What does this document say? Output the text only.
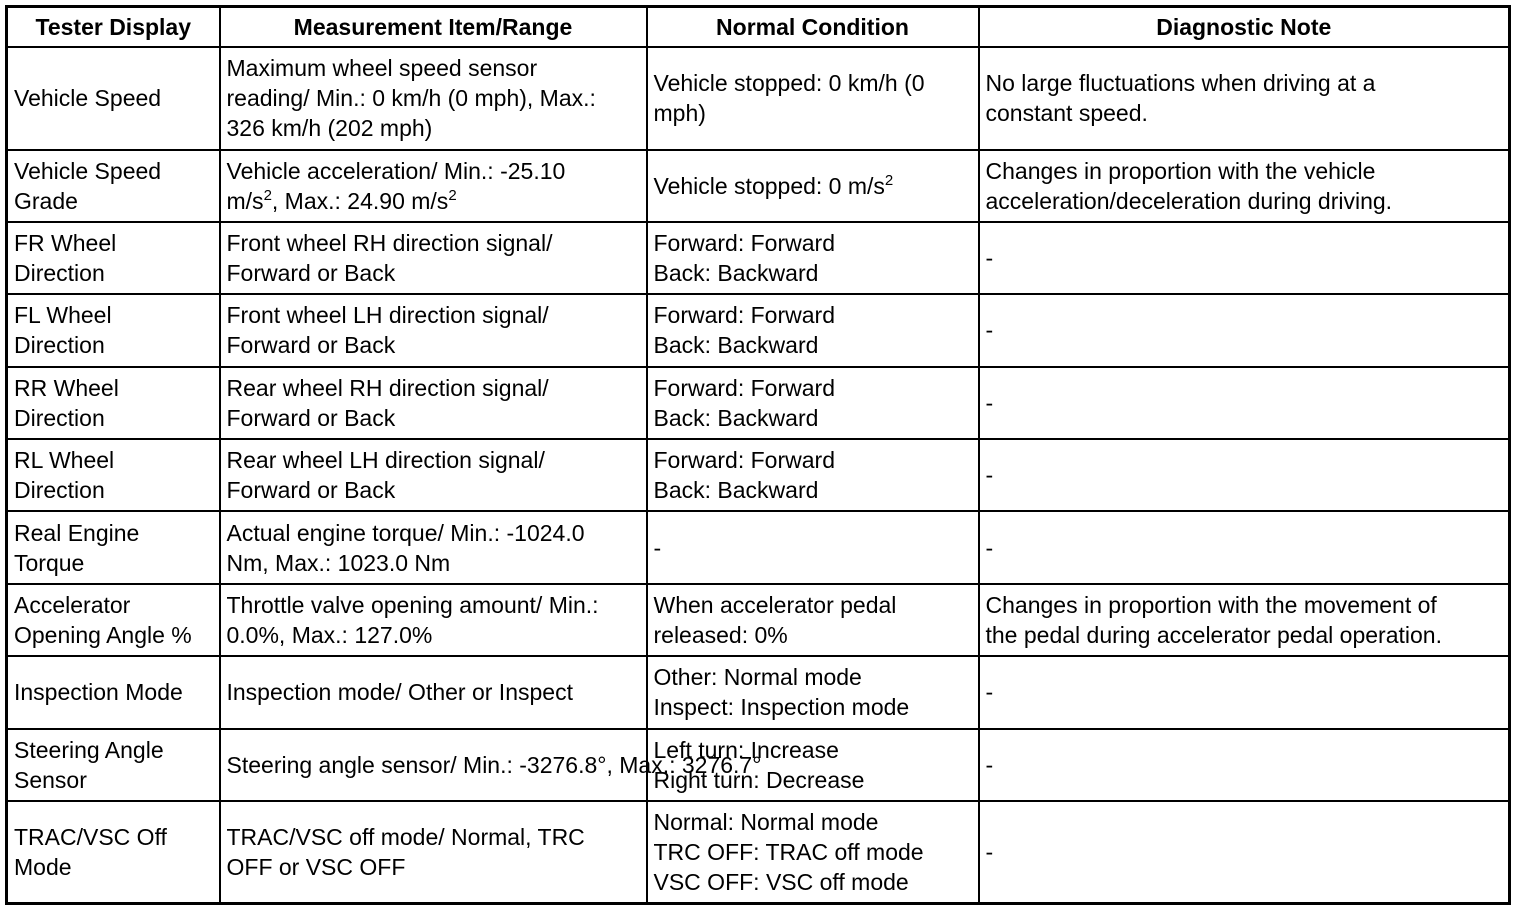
Tester Display	Measurement Item/Range	Normal Condition	Diagnostic Note

Vehicle Speed	Maximum wheel speed sensor
reading/ Min.: 0 km/h (0 mph), Max.:
326 km/h (202 mph)	Vehicle stopped: 0 km/h (0
mph)	No large fluctuations when driving at a
constant speed.

Vehicle Speed
Grade	Vehicle acceleration/ Min.: -25.10
$m/s^2$, Max.: 24.90 $m/s^2$	Vehicle stopped: 0 $m/s^2$	Changes in proportion with the vehicle
acceleration/deceleration during driving.

FR Wheel
Direction	Front wheel RH direction signal/
Forward or Back	Forward: Forward
Back: Backward	-

FL Wheel
Direction	Front wheel LH direction signal/
Forward or Back	Forward: Forward
Back: Backward	-

RR Wheel
Direction	Rear wheel RH direction signal/
Forward or Back	Forward: Forward
Back: Backward	-

RL Wheel
Direction	Rear wheel LH direction signal/
Forward or Back	Forward: Forward
Back: Backward	-

Real Engine
Torque	Actual engine torque/ Min.: -1024.0
Nm, Max.: 1023.0 Nm	-	-

Accelerator
Opening Angle %	Throttle valve opening amount/ Min.:
0.0%, Max.: 127.0%	When accelerator pedal
released: 0%	Changes in proportion with the movement of
the pedal during accelerator pedal operation.

Inspection Mode	Inspection mode/ Other or Inspect	Other: Normal mode
Inspect: Inspection mode	-

Steering Angle
Sensor	Steering angle sensor/ Min.: -3276.8°, Max.: 3276.7°	Left turn: Increase
Right turn: Decrease	-

TRAC/VSC Off
Mode	TRAC/VSC off mode/ Normal, TRC
OFF or VSC OFF	Normal: Normal mode
TRC OFF: TRAC off mode
VSC OFF: VSC off mode	-
